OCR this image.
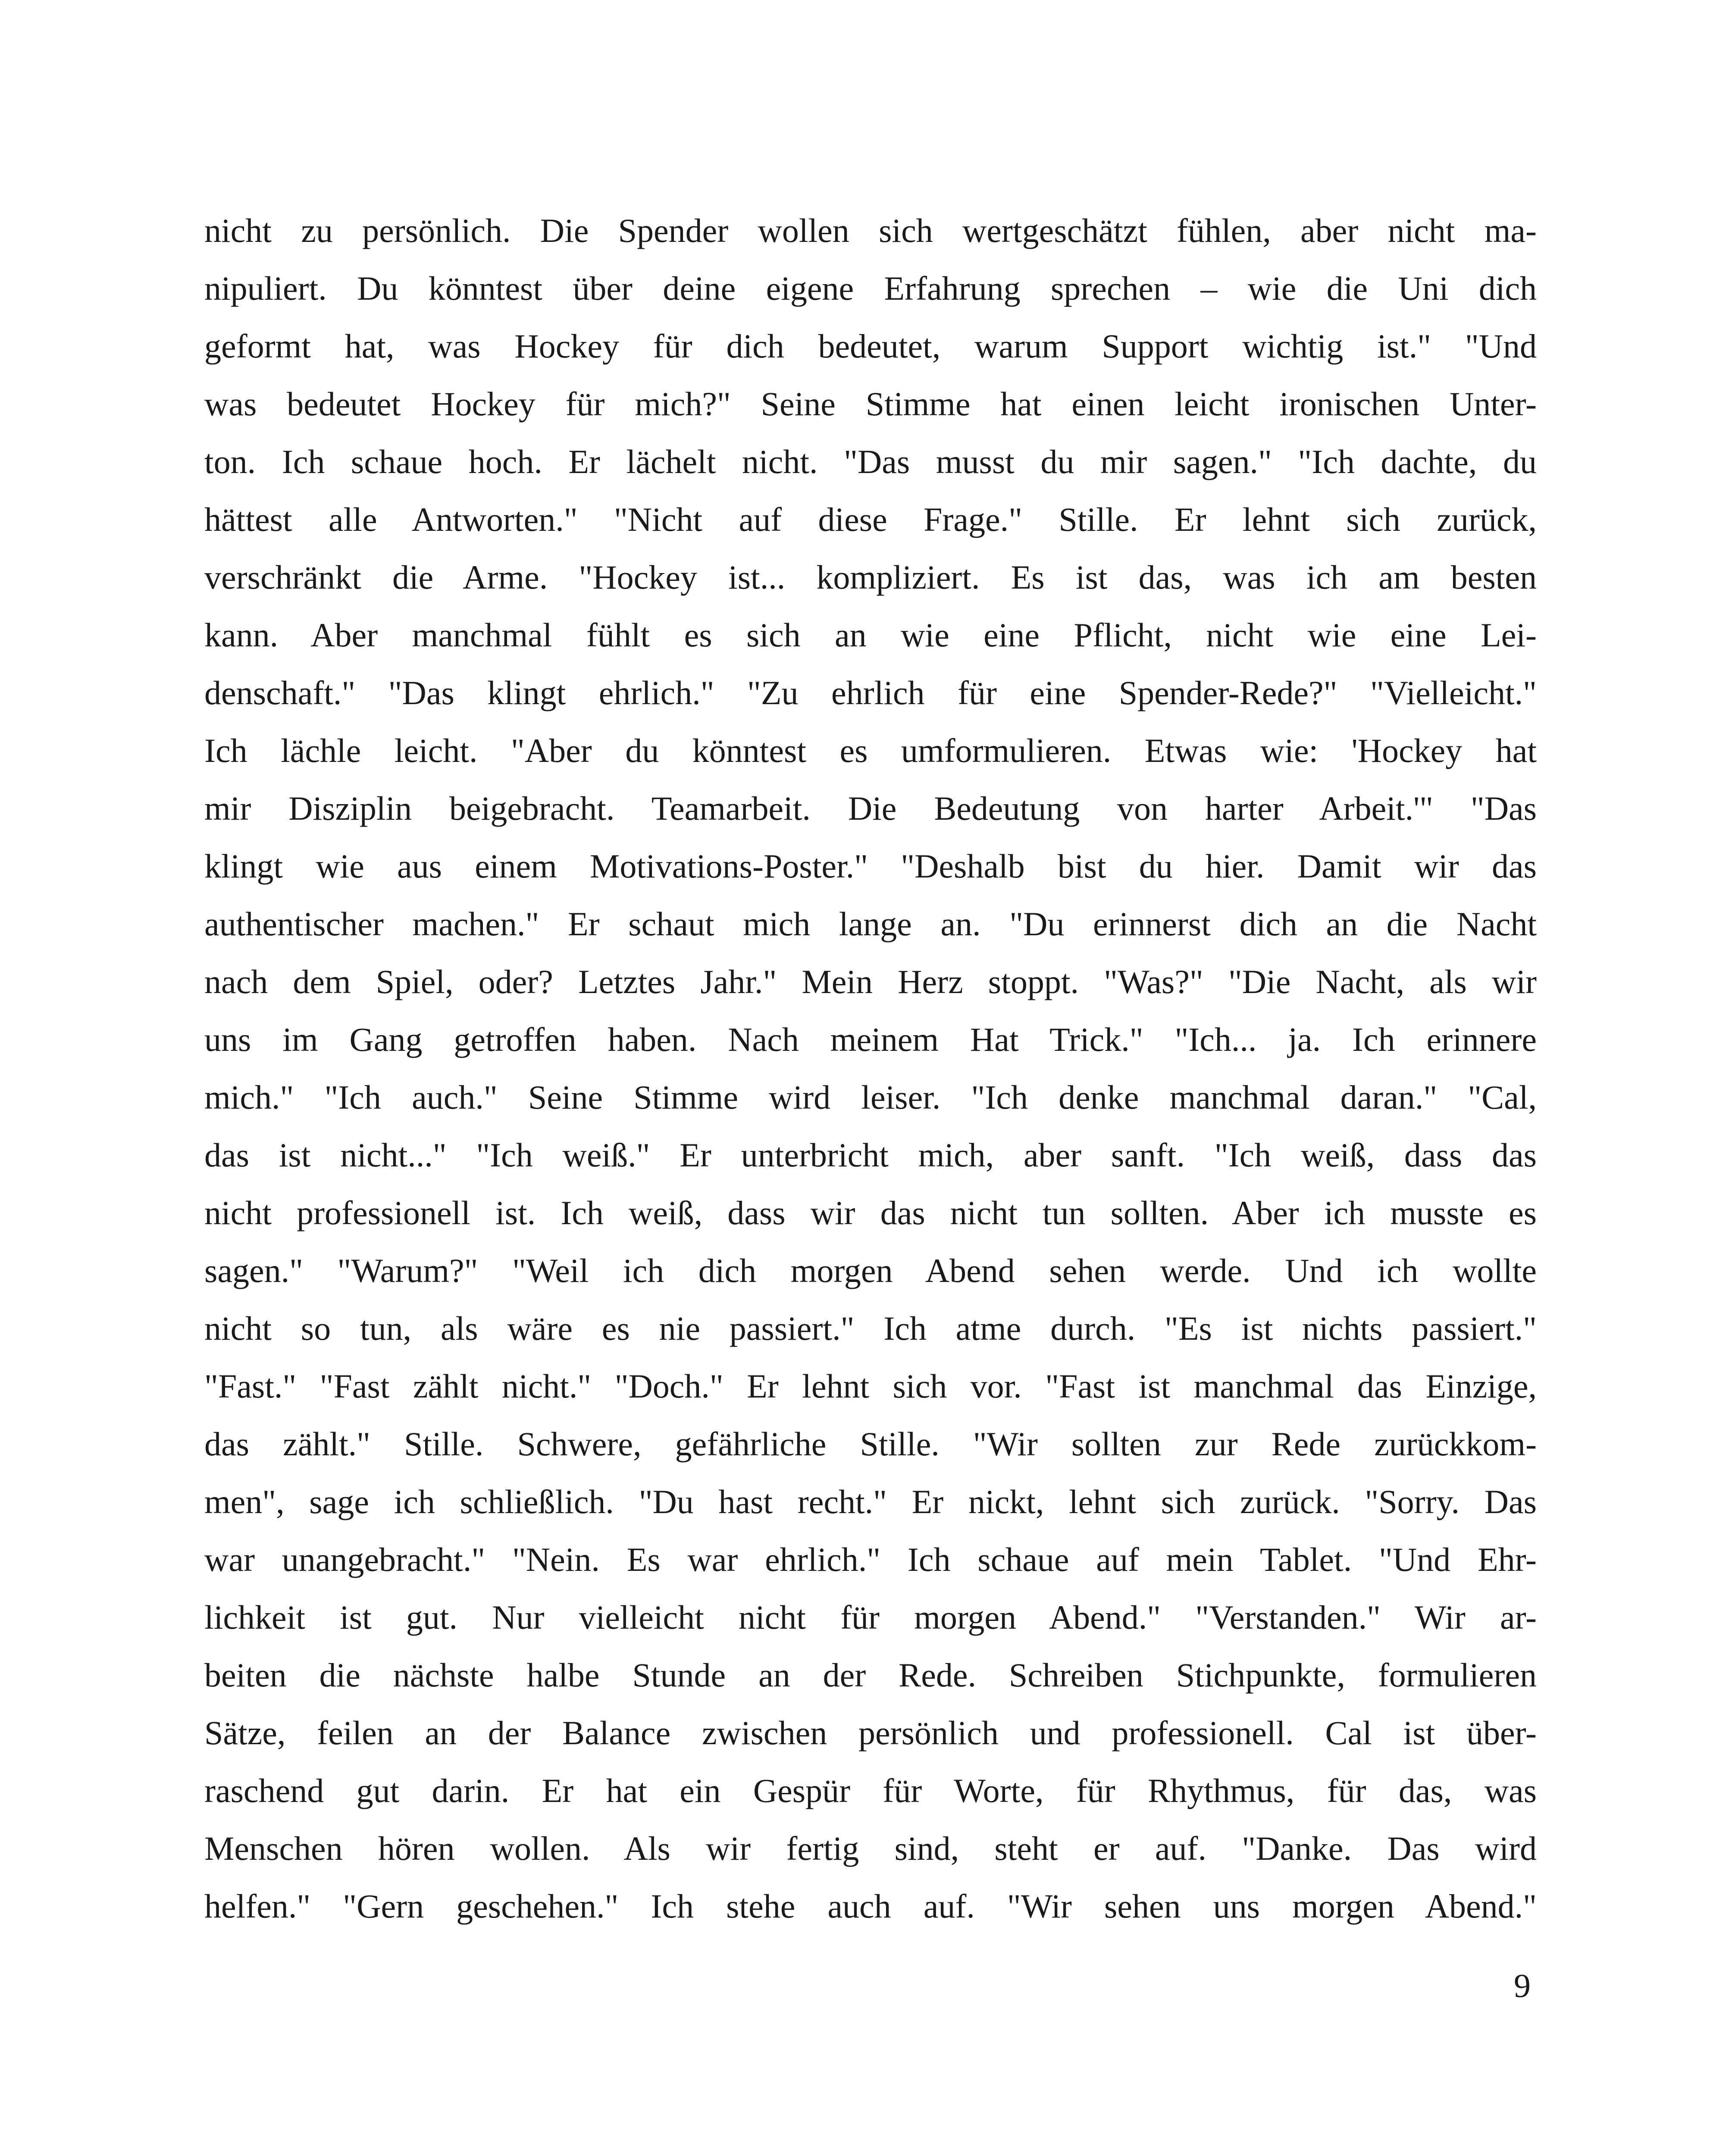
nicht zu persönlich. Die Spender wollen sich wertgeschätzt fühlen, aber nicht ma-
nipuliert. Du könntest über deine eigene Erfahrung sprechen – wie die Uni dich
geformt hat, was Hockey für dich bedeutet, warum Support wichtig ist." "Und
was bedeutet Hockey für mich?" Seine Stimme hat einen leicht ironischen Unter-
ton. Ich schaue hoch. Er lächelt nicht. "Das musst du mir sagen." "Ich dachte, du
hättest alle Antworten." "Nicht auf diese Frage." Stille. Er lehnt sich zurück,
verschränkt die Arme. "Hockey ist... kompliziert. Es ist das, was ich am besten
kann. Aber manchmal fühlt es sich an wie eine Pflicht, nicht wie eine Lei-
denschaft." "Das klingt ehrlich." "Zu ehrlich für eine Spender-Rede?" "Vielleicht."
Ich lächle leicht. "Aber du könntest es umformulieren. Etwas wie: 'Hockey hat
mir Disziplin beigebracht. Teamarbeit. Die Bedeutung von harter Arbeit.'" "Das
klingt wie aus einem Motivations-Poster." "Deshalb bist du hier. Damit wir das
authentischer machen." Er schaut mich lange an. "Du erinnerst dich an die Nacht
nach dem Spiel, oder? Letztes Jahr." Mein Herz stoppt. "Was?" "Die Nacht, als wir
uns im Gang getroffen haben. Nach meinem Hat Trick." "Ich... ja. Ich erinnere
mich." "Ich auch." Seine Stimme wird leiser. "Ich denke manchmal daran." "Cal,
das ist nicht..." "Ich weiß." Er unterbricht mich, aber sanft. "Ich weiß, dass das
nicht professionell ist. Ich weiß, dass wir das nicht tun sollten. Aber ich musste es
sagen." "Warum?" "Weil ich dich morgen Abend sehen werde. Und ich wollte
nicht so tun, als wäre es nie passiert." Ich atme durch. "Es ist nichts passiert."
"Fast." "Fast zählt nicht." "Doch." Er lehnt sich vor. "Fast ist manchmal das Einzige,
das zählt." Stille. Schwere, gefährliche Stille. "Wir sollten zur Rede zurückkom-
men", sage ich schließlich. "Du hast recht." Er nickt, lehnt sich zurück. "Sorry. Das
war unangebracht." "Nein. Es war ehrlich." Ich schaue auf mein Tablet. "Und Ehr-
lichkeit ist gut. Nur vielleicht nicht für morgen Abend." "Verstanden." Wir ar-
beiten die nächste halbe Stunde an der Rede. Schreiben Stichpunkte, formulieren
Sätze, feilen an der Balance zwischen persönlich und professionell. Cal ist über-
raschend gut darin. Er hat ein Gespür für Worte, für Rhythmus, für das, was
Menschen hören wollen. Als wir fertig sind, steht er auf. "Danke. Das wird
helfen." "Gern geschehen." Ich stehe auch auf. "Wir sehen uns morgen Abend."
9
